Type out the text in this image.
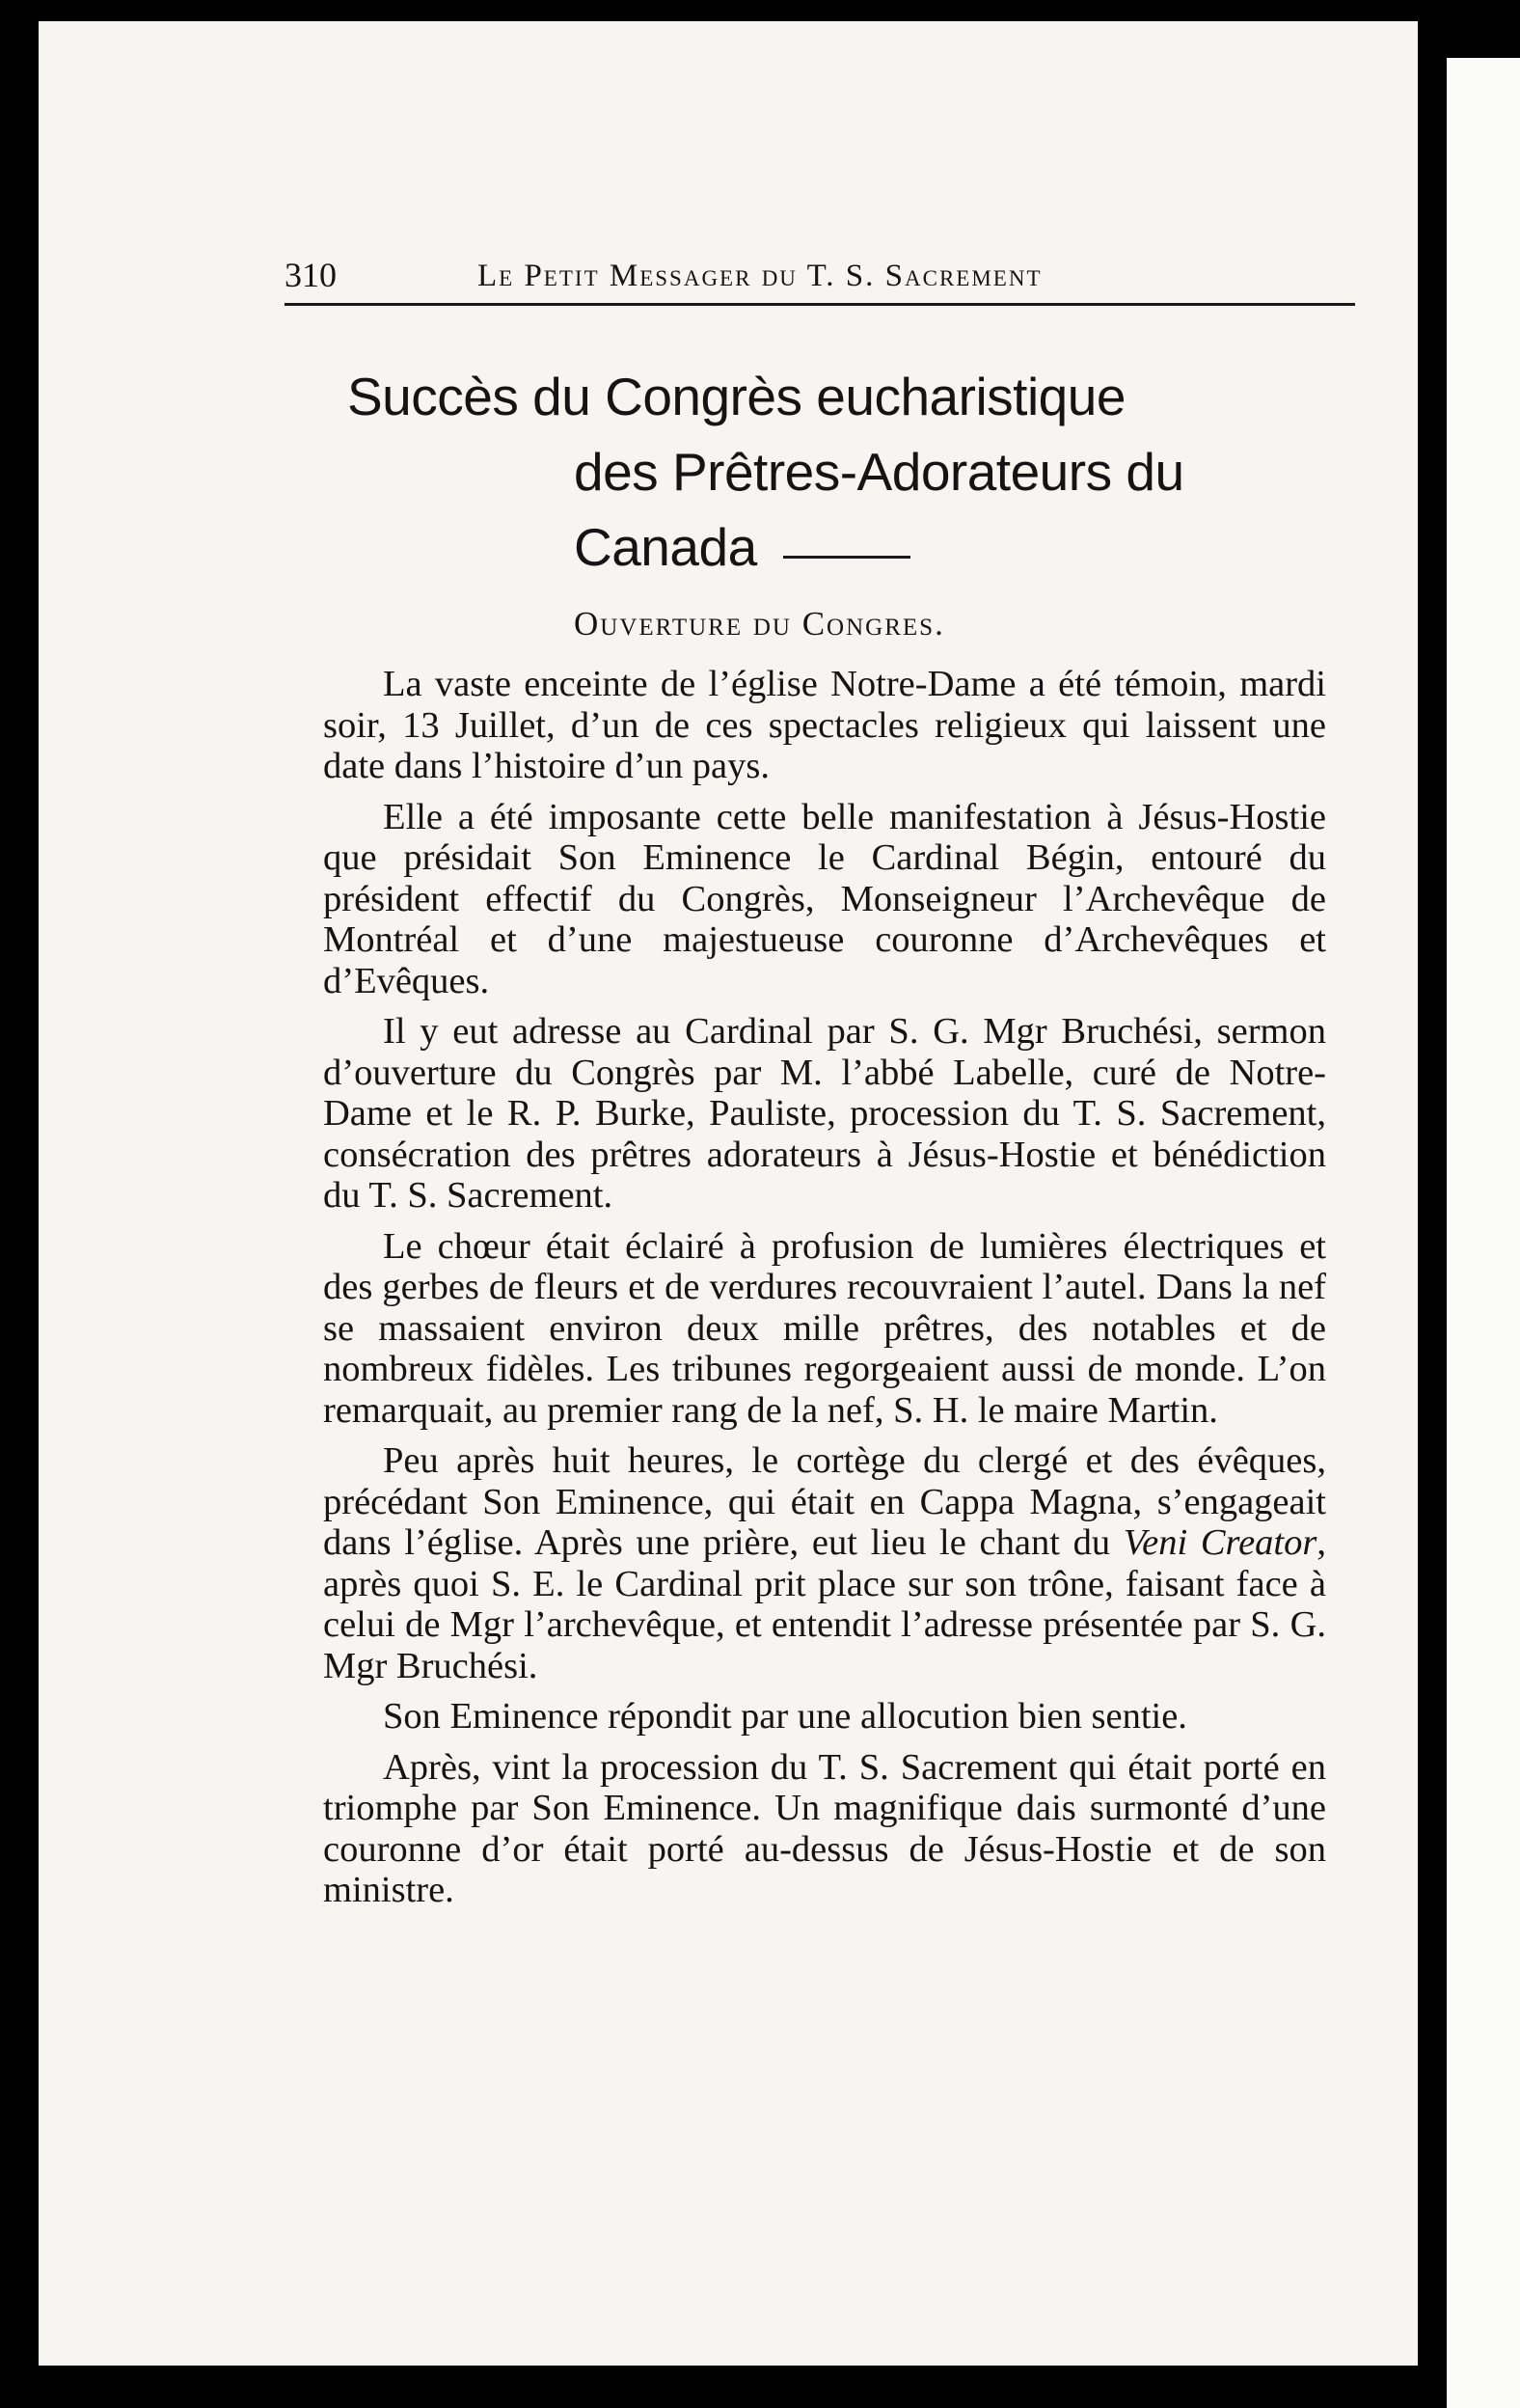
310	Le Petit Messager du T. S. Sacrement
Succès du Congrès eucharistique
des Prêtres-Adorateurs du Canada
Ouverture du Congres.

La vaste enceinte de l’église Notre-Dame a été témoin, mardi soir, 13 Juillet, d’un de ces spectacles religieux qui laissent une date dans l’histoire d’un pays.

Elle a été imposante cette belle manifestation à Jésus-Hostie que présidait Son Eminence le Cardinal Bégin, entouré du président effectif du Congrès, Monseigneur l’Archevêque de Montréal et d’une majestueuse couronne d’Archevêques et d’Evêques.

Il y eut adresse au Cardinal par S. G. Mgr Bruchési, sermon d’ouverture du Congrès par M. l’abbé Labelle, curé de Notre-Dame et le R. P. Burke, Pauliste, procession du T. S. Sacrement, consécration des prêtres adorateurs à Jésus-Hostie et bénédiction du T. S. Sacrement.

Le chœur était éclairé à profusion de lumières électriques et des gerbes de fleurs et de verdures recouvraient l’autel. Dans la nef se massaient environ deux mille prêtres, des notables et de nombreux fidèles. Les tribunes regorgeaient aussi de monde. L’on remarquait, au premier rang de la nef, S. H. le maire Martin.

Peu après huit heures, le cortège du clergé et des évêques, précédant Son Eminence, qui était en Cappa Magna, s’engageait dans l’église. Après une prière, eut lieu le chant du Veni Creator, après quoi S. E. le Cardinal prit place sur son trône, faisant face à celui de Mgr l’archevêque, et entendit l’adresse présentée par S. G. Mgr Bruchési.

Son Eminence répondit par une allocution bien sentie.

Après, vint la procession du T. S. Sacrement qui était porté en triomphe par Son Eminence. Un magnifique dais surmonté d’une couronne d’or était porté au-dessus de Jésus-Hostie et de son ministre.
